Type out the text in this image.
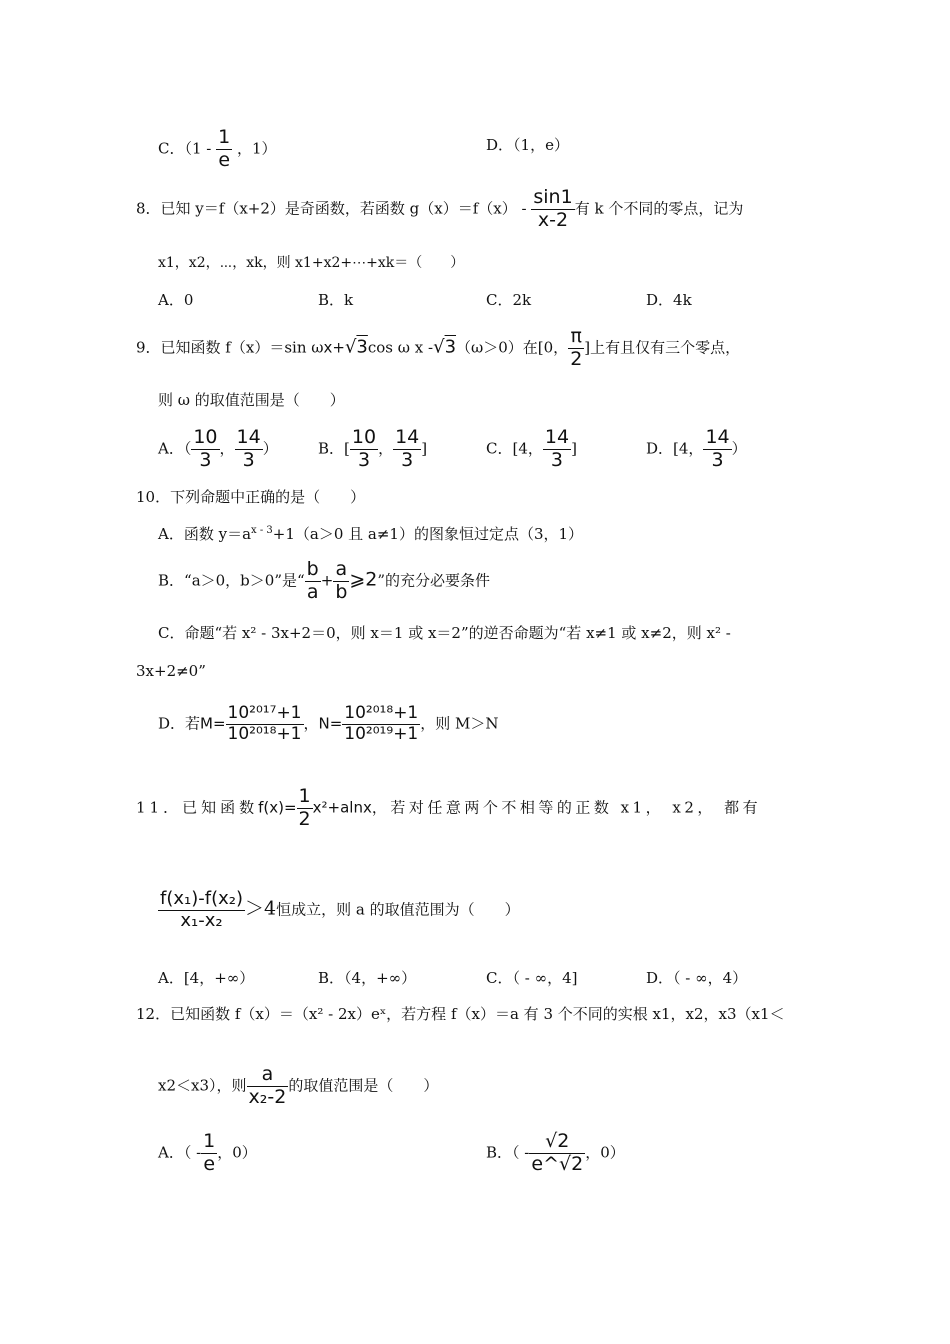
C．（$1 - \frac{1}{e}$ ，1）	D．（1，e）
8．已知 y＝f（x+2）是奇函数，若函数 $g(x)=f(x) - \frac{\sin 1}{x-2}$ 有 k 个不同的零点，记为
x1，x2，⋯，xk，则 x1+x2+⋯+xk＝（　　）
A．0	B．k	C．2k	D．4k
9．已知函数 f（x）＝sin ωx+√3cos ω x -√3（ω＞0）在[0， $\frac{\pi}{2}$ ]上有且仅有三个零点，
则 ω 的取值范围是（　　）
A．（ $\frac{10}{3}$ ， $\frac{14}{3}$ ）	B．[ $\frac{10}{3}$ ， $\frac{14}{3}$ ]	C．[4， $\frac{14}{3}$ ]	D．[4， $\frac{14}{3}$ ）
10．下列命题中正确的是（　　）
A．函数 $y=a^{x - 3}+1(a>0$ 且 a≠1）的图象恒过定点（3，1）
B．“a＞0，b＞0”是“ $\frac{b}{a} + \frac{a}{b}$ ⩾2”的充分必要条件
C．命题“若 x² - 3x+2＝0，则 x＝1 或 x＝2”的逆否命题为“若 x≠1 或 x≠2，则 x² -
3x+2≠0”
D．若$M= \frac{\text{10²⁰¹⁷+1}}{\text{10²⁰¹⁸+1}}$ ，$N= \frac{\text{10²⁰¹⁸+1}}{\text{10²⁰¹⁹+1}}$ ，则 M＞N
11．已知函数$f(x)= \frac{1}{2} x^2+alnx$，若对任意两个不相等的正数 x1， x2， 都有
$\frac{\text{f(x₁)-f(x₂)}}{\text{x₁-x₂}} >4$恒成立，则 a 的取值范围为（　　）
A．[4，+∞）	B．（4，+∞）	C．（ - ∞，4]	D．（ - ∞，4）
12．已知函数 f（x）＝（x² - 2x）eˣ，若方程 f（x）＝a 有 3 个不同的实根 x1，x2，x3（x1＜
x2＜x3），则 $\frac{a}{\text{x₂-2}}$ 的取值范围是（　　）
A．（ - $\frac{1}{e}$ ，0）	B．（ - $\frac{√2}{e\^{}√2}$ ，0）
